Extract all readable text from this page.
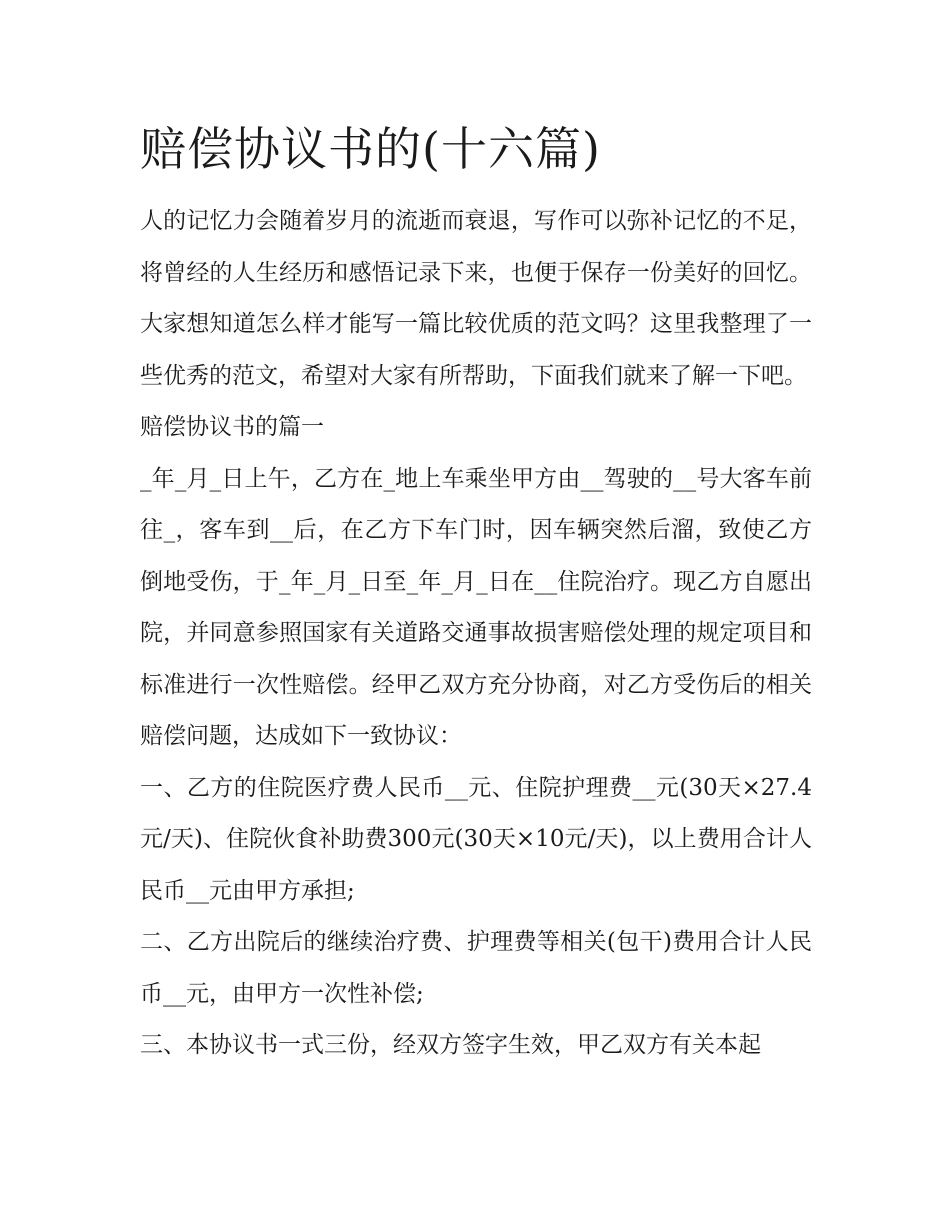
赔偿协议书的(十六篇)

人的记忆力会随着岁月的流逝而衰退，写作可以弥补记忆的不足，将曾经的人生经历和感悟记录下来，也便于保存一份美好的回忆。大家想知道怎么样才能写一篇比较优质的范文吗？这里我整理了一些优秀的范文，希望对大家有所帮助，下面我们就来了解一下吧。

赔偿协议书的篇一

_年_月_日上午，乙方在_地上车乘坐甲方由__驾驶的__号大客车前往_，客车到__后，在乙方下车门时，因车辆突然后溜，致使乙方倒地受伤，于_年_月_日至_年_月_日在__住院治疗。现乙方自愿出院，并同意参照国家有关道路交通事故损害赔偿处理的规定项目和标准进行一次性赔偿。经甲乙双方充分协商，对乙方受伤后的相关赔偿问题，达成如下一致协议：

一、乙方的住院医疗费人民币__元、住院护理费__元(30天×27.4元/天)、住院伙食补助费300元(30天×10元/天)，以上费用合计人民币__元由甲方承担;

二、乙方出院后的继续治疗费、护理费等相关(包干)费用合计人民币__元，由甲方一次性补偿;

三、本协议书一式三份，经双方签字生效，甲乙双方有关本起
